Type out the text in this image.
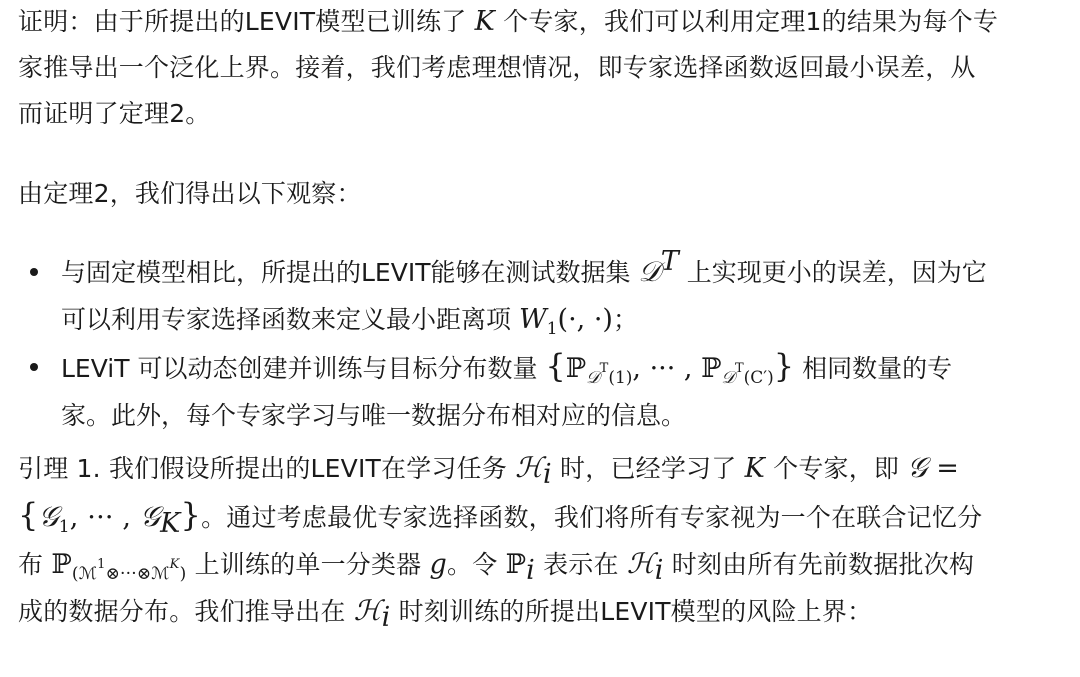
证明：由于所提出的LEVIT模型已训练了 K 个专家，我们可以利用定理1的结果为每个专
家推导出一个泛化上界。接着，我们考虑理想情况，即专家选择函数返回最小误差，从
而证明了定理2。
由定理2，我们得出以下观察：
与固定模型相比，所提出的LEVIT能够在测试数据集 𝒟$^T$ 上实现更小的误差，因为它
可以利用专家选择函数来定义最小距离项 $W_1(\cdot$, ·)；
LEViT 可以动态创建并训练与目标分布数量 {ℙ$_{𝒟^T(1)}$, ··· , ℙ$_{𝒟^T(C')}$} 相同数量的专
家。此外，每个专家学习与唯一数据分布相对应的信息。
引理 1. 我们假设所提出的LEVIT在学习任务 ℋ$_i$ 时，已经学习了 K 个专家，即 𝒢 =
{𝒢$_1$, ··· , 𝒢$_K$}。通过考虑最优专家选择函数，我们将所有专家视为一个在联合记忆分
布 ℙ$_{(ℳ^1\otimes\cdot\cdot\cdot\otimes ℳ^K)}$ 上训练的单一分类器 g。令 ℙ$_i$ 表示在 ℋ$_i$ 时刻由所有先前数据批次构
成的数据分布。我们推导出在 ℋ$_i$ 时刻训练的所提出LEVIT模型的风险上界：
